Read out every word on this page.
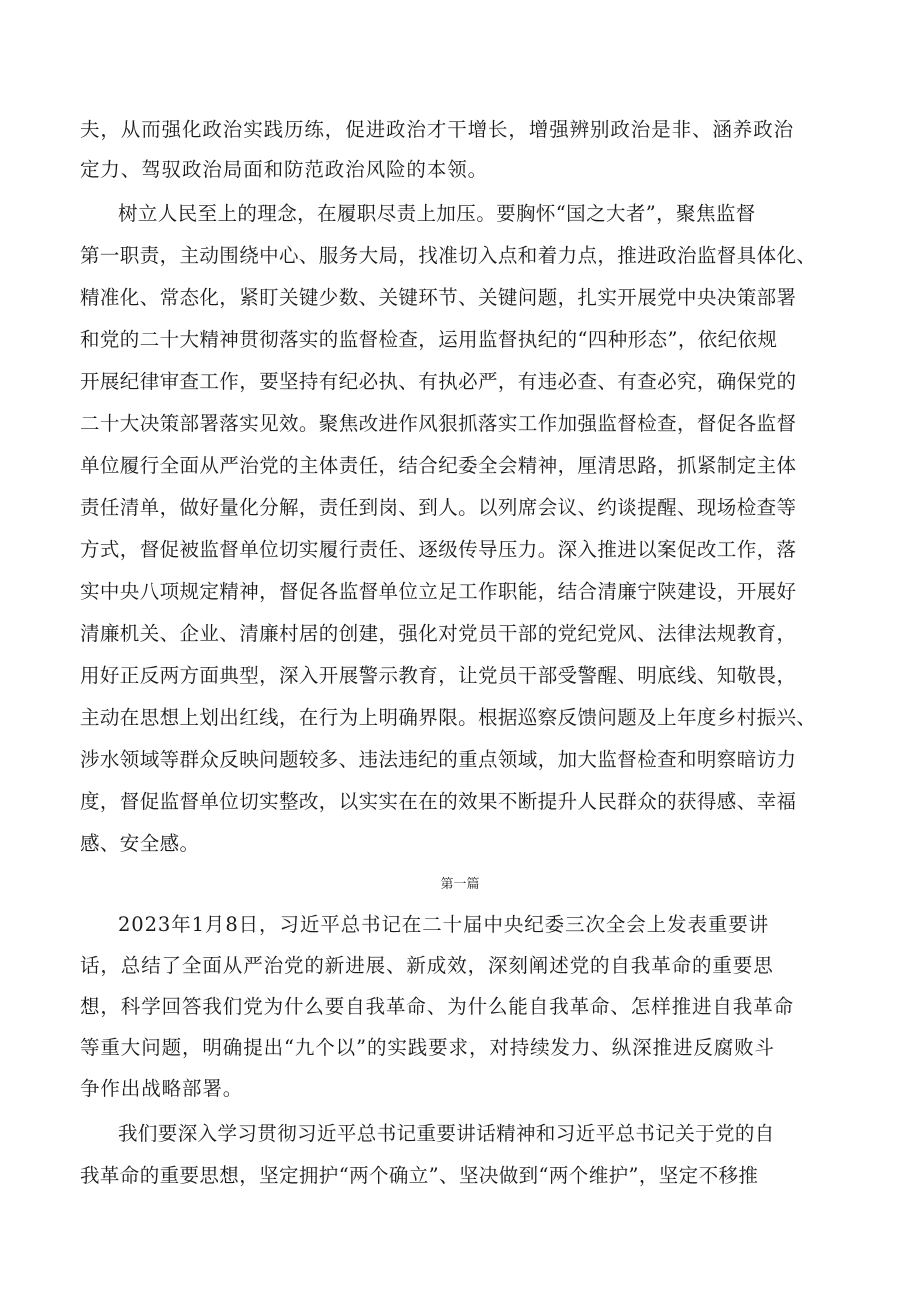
夫，从而强化政治实践历练，促进政治才干增长，增强辨别政治是非、涵养政治
定力、驾驭政治局面和防范政治风险的本领。
树立人民至上的理念，在履职尽责上加压。要胸怀“国之大者”，聚焦监督
第一职责，主动围绕中心、服务大局，找准切入点和着力点，推进政治监督具体化、
精准化、常态化，紧盯关键少数、关键环节、关键问题，扎实开展党中央决策部署
和党的二十大精神贯彻落实的监督检查，运用监督执纪的“四种形态”，依纪依规
开展纪律审查工作，要坚持有纪必执、有执必严，有违必查、有查必究，确保党的
二十大决策部署落实见效。聚焦改进作风狠抓落实工作加强监督检查，督促各监督
单位履行全面从严治党的主体责任，结合纪委全会精神，厘清思路，抓紧制定主体
责任清单，做好量化分解，责任到岗、到人。以列席会议、约谈提醒、现场检查等
方式，督促被监督单位切实履行责任、逐级传导压力。深入推进以案促改工作，落
实中央八项规定精神，督促各监督单位立足工作职能，结合清廉宁陕建设，开展好
清廉机关、企业、清廉村居的创建，强化对党员干部的党纪党风、法律法规教育，
用好正反两方面典型，深入开展警示教育，让党员干部受警醒、明底线、知敬畏，
主动在思想上划出红线，在行为上明确界限。根据巡察反馈问题及上年度乡村振兴、
涉水领域等群众反映问题较多、违法违纪的重点领域，加大监督检查和明察暗访力
度，督促监督单位切实整改，以实实在在的效果不断提升人民群众的获得感、幸福
感、安全感。
第一篇
2023年1月8日，习近平总书记在二十届中央纪委三次全会上发表重要讲
话，总结了全面从严治党的新进展、新成效，深刻阐述党的自我革命的重要思
想，科学回答我们党为什么要自我革命、为什么能自我革命、怎样推进自我革命
等重大问题，明确提出“九个以”的实践要求，对持续发力、纵深推进反腐败斗
争作出战略部署。
我们要深入学习贯彻习近平总书记重要讲话精神和习近平总书记关于党的自
我革命的重要思想，坚定拥护“两个确立”、坚决做到“两个维护”，坚定不移推
